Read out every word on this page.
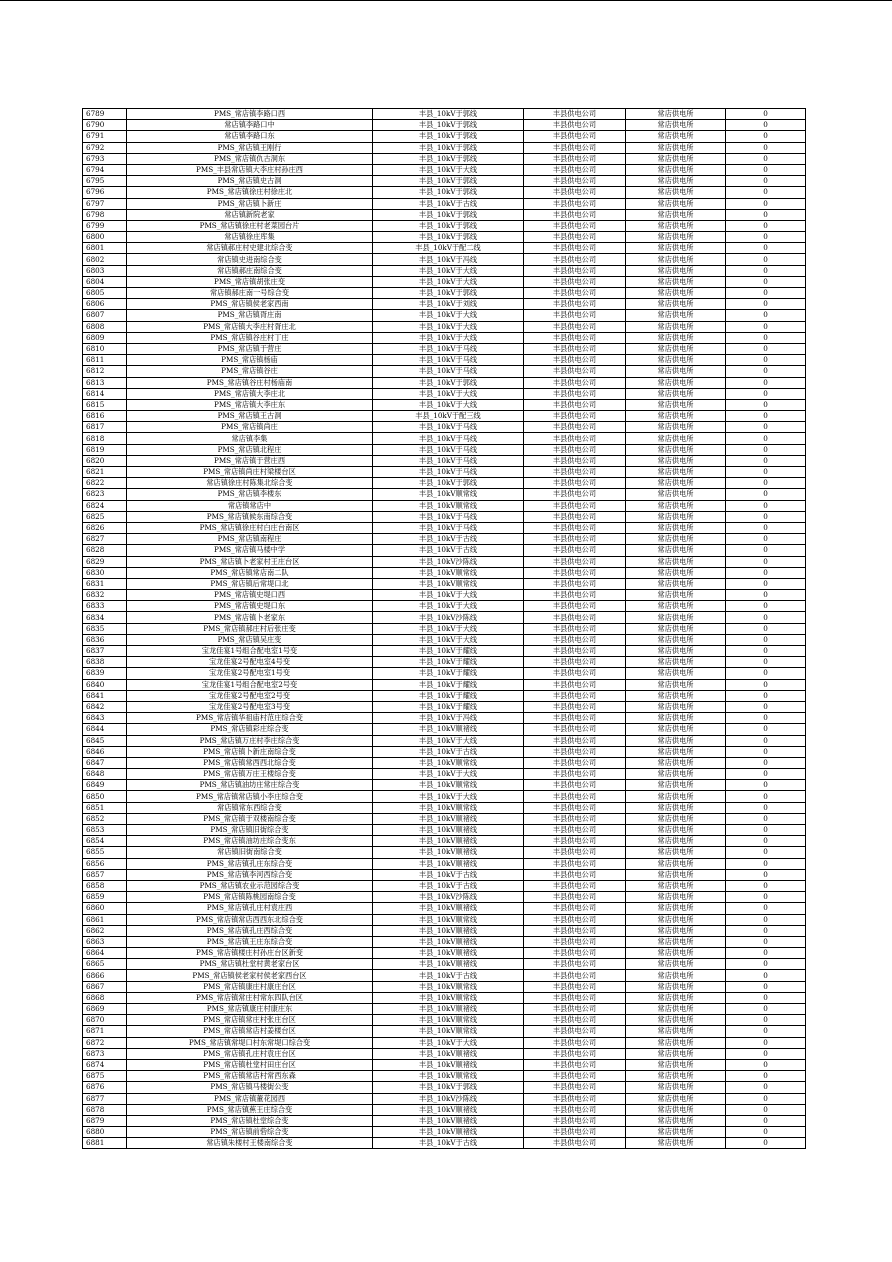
6789	PMS_常店镇李路口西	丰县_10kV于郭线	丰县供电公司	常店供电所	0
6790	常店镇李路口中	丰县_10kV于郭线	丰县供电公司	常店供电所	0
6791	常店镇李路口东	丰县_10kV于郭线	丰县供电公司	常店供电所	0
6792	PMS_常店镇王刚行	丰县_10kV于郭线	丰县供电公司	常店供电所	0
6793	PMS_常店镇仇古洞东	丰县_10kV于郭线	丰县供电公司	常店供电所	0
6794	PMS_丰县常店镇大李庄村孙庄西	丰县_10kV于大线	丰县供电公司	常店供电所	0
6795	PMS_常店镇史古洞	丰县_10kV于郭线	丰县供电公司	常店供电所	0
6796	PMS_常店镇徐庄村徐庄北	丰县_10kV于郭线	丰县供电公司	常店供电所	0
6797	PMS_常店镇卜新庄	丰县_10kV于古线	丰县供电公司	常店供电所	0
6798	常店镇新院老家	丰县_10kV于郭线	丰县供电公司	常店供电所	0
6799	PMS_常店镇徐庄村老菜园台片	丰县_10kV于郭线	丰县供电公司	常店供电所	0
6800	常店镇徐庄库集	丰县_10kV于郭线	丰县供电公司	常店供电所	0
6801	常店镇郝庄村史建北综合变	丰县_10kV于配二线	丰县供电公司	常店供电所	0
6802	常店镇史进南综合变	丰县_10kV于冯线	丰县供电公司	常店供电所	0
6803	常店镇郝庄南综合变	丰县_10kV于大线	丰县供电公司	常店供电所	0
6804	PMS_常店镇胡张庄变	丰县_10kV于大线	丰县供电公司	常店供电所	0
6805	常店镇郝庄南一号综合变	丰县_10kV于郭线	丰县供电公司	常店供电所	0
6806	PMS_常店镇侯老家西南	丰县_10kV于刘线	丰县供电公司	常店供电所	0
6807	PMS_常店镇胥庄南	丰县_10kV于大线	丰县供电公司	常店供电所	0
6808	PMS_常店镇大李庄村胥庄北	丰县_10kV于大线	丰县供电公司	常店供电所	0
6809	PMS_常店镇谷庄村丁庄	丰县_10kV于大线	丰县供电公司	常店供电所	0
6810	PMS_常店镇于营庄	丰县_10kV于马线	丰县供电公司	常店供电所	0
6811	PMS_常店镇杨庙	丰县_10kV于马线	丰县供电公司	常店供电所	0
6812	PMS_常店镇谷庄	丰县_10kV于马线	丰县供电公司	常店供电所	0
6813	PMS_常店镇谷庄村杨庙南	丰县_10kV于郭线	丰县供电公司	常店供电所	0
6814	PMS_常店镇大李庄北	丰县_10kV于大线	丰县供电公司	常店供电所	0
6815	PMS_常店镇大李庄东	丰县_10kV于大线	丰县供电公司	常店供电所	0
6816	PMS_常店镇王古洞	丰县_10kV于配三线	丰县供电公司	常店供电所	0
6817	PMS_常店镇尚庄	丰县_10kV于马线	丰县供电公司	常店供电所	0
6818	常店镇李集	丰县_10kV于马线	丰县供电公司	常店供电所	0
6819	PMS_常店镇北程庄	丰县_10kV于马线	丰县供电公司	常店供电所	0
6820	PMS_常店镇于营庄西	丰县_10kV于马线	丰县供电公司	常店供电所	0
6821	PMS_常店镇尚庄村梁楼台区	丰县_10kV于马线	丰县供电公司	常店供电所	0
6822	常店镇徐庄村陈集北综合变	丰县_10kV于郭线	丰县供电公司	常店供电所	0
6823	PMS_常店镇李楼东	丰县_10kV顺常线	丰县供电公司	常店供电所	0
6824	常店镇常店中	丰县_10kV顺常线	丰县供电公司	常店供电所	0
6825	PMS_常店镇候东南综合变	丰县_10kV于马线	丰县供电公司	常店供电所	0
6826	PMS_常店镇徐庄村白庄台南区	丰县_10kV于马线	丰县供电公司	常店供电所	0
6827	PMS_常店镇南程庄	丰县_10kV于古线	丰县供电公司	常店供电所	0
6828	PMS_常店镇马楼中学	丰县_10kV于古线	丰县供电公司	常店供电所	0
6829	PMS_常店镇卜老家村王庄台区	丰县_10kV沙陈线	丰县供电公司	常店供电所	0
6830	PMS_常店镇常店南二队	丰县_10kV顺常线	丰县供电公司	常店供电所	0
6831	PMS_常店镇后常堤口北	丰县_10kV顺常线	丰县供电公司	常店供电所	0
6832	PMS_常店镇史堤口西	丰县_10kV于大线	丰县供电公司	常店供电所	0
6833	PMS_常店镇史堤口东	丰县_10kV于大线	丰县供电公司	常店供电所	0
6834	PMS_常店镇卜老家东	丰县_10kV沙陈线	丰县供电公司	常店供电所	0
6835	PMS_常店镇郝庄村后张庄变	丰县_10kV于大线	丰县供电公司	常店供电所	0
6836	PMS_常店镇吴庄变	丰县_10kV于大线	丰县供电公司	常店供电所	0
6837	宝龙佳宴1号组合配电室1号变	丰县_10kV于耀线	丰县供电公司	常店供电所	0
6838	宝龙佳宴2号配电室4号变	丰县_10kV于耀线	丰县供电公司	常店供电所	0
6839	宝龙佳宴2号配电室1号变	丰县_10kV于耀线	丰县供电公司	常店供电所	0
6840	宝龙佳宴1号组合配电室2号变	丰县_10kV于耀线	丰县供电公司	常店供电所	0
6841	宝龙佳宴2号配电室2号变	丰县_10kV于耀线	丰县供电公司	常店供电所	0
6842	宝龙佳宴2号配电室3号变	丰县_10kV于耀线	丰县供电公司	常店供电所	0
6843	PMS_常店镇华祖庙村范庄综合变	丰县_10kV于冯线	丰县供电公司	常店供电所	0
6844	PMS_常店镇彩庄综合变	丰县_10kV顺褚线	丰县供电公司	常店供电所	0
6845	PMS_常店镇万庄村李庄综合变	丰县_10kV于大线	丰县供电公司	常店供电所	0
6846	PMS_常店镇卜新庄南综合变	丰县_10kV于古线	丰县供电公司	常店供电所	0
6847	PMS_常店镇常西西北综合变	丰县_10kV顺常线	丰县供电公司	常店供电所	0
6848	PMS_常店镇万庄王楼综合变	丰县_10kV于大线	丰县供电公司	常店供电所	0
6849	PMS_常店镇油坊庄常庄综合变	丰县_10kV顺常线	丰县供电公司	常店供电所	0
6850	PMS_常店镇常店镇小李庄综合变	丰县_10kV于大线	丰县供电公司	常店供电所	0
6851	常店镇常东西综合变	丰县_10kV顺常线	丰县供电公司	常店供电所	0
6852	PMS_常店镇于双楼南综合变	丰县_10kV顺褚线	丰县供电公司	常店供电所	0
6853	PMS_常店镇旧街综合变	丰县_10kV顺褚线	丰县供电公司	常店供电所	0
6854	PMS_常店镇油坊庄综合变东	丰县_10kV顺褚线	丰县供电公司	常店供电所	0
6855	常店镇旧街南综合变	丰县_10kV顺褚线	丰县供电公司	常店供电所	0
6856	PMS_常店镇孔庄东综合变	丰县_10kV顺褚线	丰县供电公司	常店供电所	0
6857	PMS_常店镇李河西综合变	丰县_10kV于古线	丰县供电公司	常店供电所	0
6858	PMS_常店镇农业示范园综合变	丰县_10kV于古线	丰县供电公司	常店供电所	0
6859	PMS_常店镇陈桃园南综合变	丰县_10kV沙陈线	丰县供电公司	常店供电所	0
6860	PMS_常店镇孔庄村袁庄西	丰县_10kV顺褚线	丰县供电公司	常店供电所	0
6861	PMS_常店镇常店西西东北综合变	丰县_10kV顺常线	丰县供电公司	常店供电所	0
6862	PMS_常店镇孔庄西综合变	丰县_10kV顺褚线	丰县供电公司	常店供电所	0
6863	PMS_常店镇王庄东综合变	丰县_10kV顺褚线	丰县供电公司	常店供电所	0
6864	PMS_常店镇楼庄村孙庄台区新变	丰县_10kV顺褚线	丰县供电公司	常店供电所	0
6865	PMS_常店镇杜堂村黄老家台区	丰县_10kV顺褚线	丰县供电公司	常店供电所	0
6866	PMS_常店镇侯老家村侯老家西台区	丰县_10kV于古线	丰县供电公司	常店供电所	0
6867	PMS_常店镇康庄村康庄台区	丰县_10kV顺常线	丰县供电公司	常店供电所	0
6868	PMS_常店镇常庄村常东四队台区	丰县_10kV顺常线	丰县供电公司	常店供电所	0
6869	PMS_常店镇康庄村康庄东	丰县_10kV顺褚线	丰县供电公司	常店供电所	0
6870	PMS_常店镇常庄村张庄台区	丰县_10kV顺常线	丰县供电公司	常店供电所	0
6871	PMS_常店镇常店村姜楼台区	丰县_10kV顺常线	丰县供电公司	常店供电所	0
6872	PMS_常店镇常堤口村东常堤口综合变	丰县_10kV于大线	丰县供电公司	常店供电所	0
6873	PMS_常店镇孔庄村袁庄台区	丰县_10kV顺褚线	丰县供电公司	常店供电所	0
6874	PMS_常店镇杜堂村田庄台区	丰县_10kV顺褚线	丰县供电公司	常店供电所	0
6875	PMS_常店镇常店村常西东森	丰县_10kV顺常线	丰县供电公司	常店供电所	0
6876	PMS_常店镇马楼街公变	丰县_10kV于郭线	丰县供电公司	常店供电所	0
6877	PMS_常店镇董花园西	丰县_10kV沙陈线	丰县供电公司	常店供电所	0
6878	PMS_常店镇蕉王庄综合变	丰县_10kV顺褚线	丰县供电公司	常店供电所	0
6879	PMS_常店镇杜堂综合变	丰县_10kV顺褚线	丰县供电公司	常店供电所	0
6880	PMS_常店镇前砦综合变	丰县_10kV顺褚线	丰县供电公司	常店供电所	0
6881	常店镇朱楼村王楼南综合变	丰县_10kV于古线	丰县供电公司	常店供电所	0
